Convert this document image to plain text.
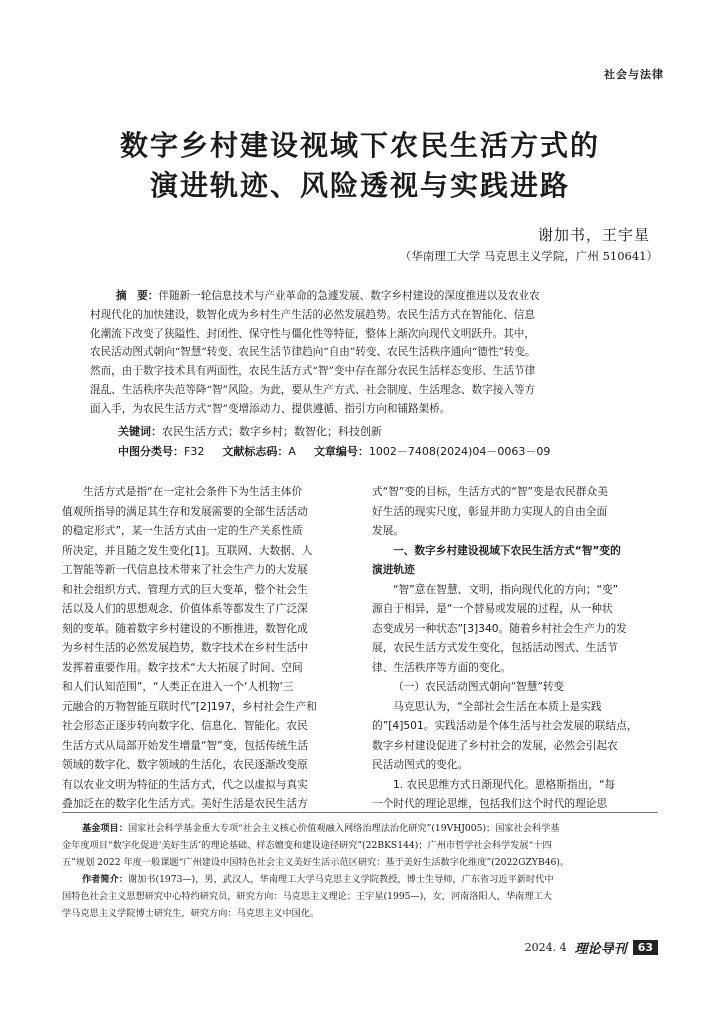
社会与法律
数字乡村建设视域下农民生活方式的
演进轨迹、风险透视与实践进路
谢加书，王宇星
（华南理工大学 马克思主义学院，广州 510641）
摘　要：伴随新一轮信息技术与产业革命的急遽发展、数字乡村建设的深度推进以及农业农
村现代化的加快建设，数智化成为乡村生产生活的必然发展趋势。农民生活方式在智能化、信息
化潮流下改变了狭隘性、封闭性、保守性与僵化性等特征，整体上渐次向现代文明跃升。其中，
农民活动图式朝向“智慧”转变、农民生活节律趋向“自由”转变、农民生活秩序通向“德性”转变。
然而，由于数字技术具有两面性，农民生活方式“智”变中存在部分农民生活样态变形、生活节律
混乱、生活秩序失范等降“智”风险。为此，要从生产方式、社会制度、生活理念、数字接入等方
面入手，为农民生活方式“智”变增添动力、提供遵循、指引方向和铺路架桥。
关键词：农民生活方式；数字乡村；数智化；科技创新
中图分类号：F32 文献标志码：A 文章编号：1002－7408(2024)04－0063－09
生活方式是指“在一定社会条件下为生活主体价
值观所指导的满足其生存和发展需要的全部生活活动
的稳定形式”，某一生活方式由一定的生产关系性质
所决定，并且随之发生变化[1]。互联网、大数据、人
工智能等新一代信息技术带来了社会生产力的大发展
和社会组织方式、管理方式的巨大变革，整个社会生
活以及人们的思想观念、价值体系等都发生了广泛深
刻的变革。随着数字乡村建设的不断推进，数智化成
为乡村生活的必然发展趋势，数字技术在乡村生活中
发挥着重要作用。数字技术“大大拓展了时间、空间
和人们认知范围”，“人类正在进入一个‘人机物’三
元融合的万物智能互联时代”[2]197，乡村社会生产和
社会形态正逐步转向数字化、信息化、智能化。农民
生活方式从局部开始发生增量“智”变，包括传统生活
领域的数字化、数字领域的生活化，农民逐渐改变原
有以农业文明为特征的生活方式，代之以虚拟与真实
叠加泛在的数字化生活方式。美好生活是农民生活方
式“智”变的目标，生活方式的“智”变是农民群众美
好生活的现实尺度，彰显并助力实现人的自由全面
发展。
一、数字乡村建设视域下农民生活方式“智”变的
演进轨迹
“智”意在智慧、文明，指向现代化的方向；“变”
源自于相异，是“一个替易或发展的过程，从一种状
态变成另一种状态”[3]340。随着乡村社会生产力的发
展，农民生活方式发生变化，包括活动图式、生活节
律、生活秩序等方面的变化。
（一）农民活动图式朝向“智慧”转变
马克思认为，“全部社会生活在本质上是实践
的”[4]501。实践活动是个体生活与社会发展的联结点，
数字乡村建设促进了乡村社会的发展，必然会引起农
民活动图式的变化。
1. 农民思维方式日渐现代化。恩格斯指出，“每
一个时代的理论思维，包括我们这个时代的理论思
基金项目：国家社会科学基金重大专项“社会主义核心价值观融入网络治理法治化研究”(19VHJ005)；国家社会科学基
金年度项目“数字化促进‘美好生活’的理论基础、样态嬗变和建设途径研究”(22BKS144)；广州市哲学社会科学发展“十四
五”规划 2022 年度一般课题“广州建设中国特色社会主义美好生活示范区研究：基于美好生活数字化维度”(2022GZYB46)。
作者简介：谢加书(1973—)，男，武汉人，华南理工大学马克思主义学院教授，博士生导师，广东省习近平新时代中
国特色社会主义思想研究中心特约研究员，研究方向：马克思主义理论；王宇星(1995—)，女，河南洛阳人，华南理工大
学马克思主义学院博士研究生，研究方向：马克思主义中国化。
2024. 4 理论导刊	63
